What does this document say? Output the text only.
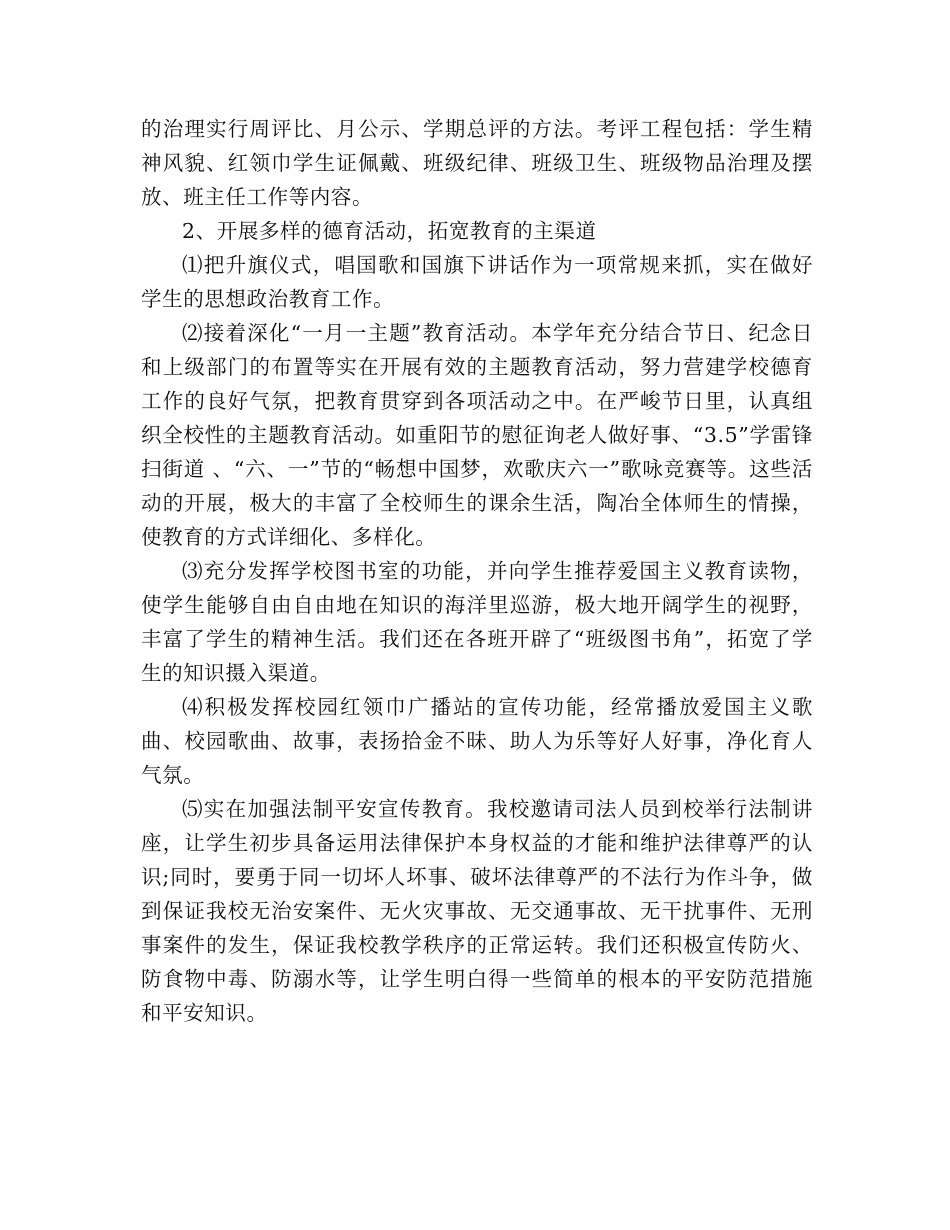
的治理实行周评比、月公示、学期总评的方法。考评工程包括：学生精神风貌、红领巾学生证佩戴、班级纪律、班级卫生、班级物品治理及摆放、班主任工作等内容。

2、开展多样的德育活动，拓宽教育的主渠道

⑴把升旗仪式，唱国歌和国旗下讲话作为一项常规来抓，实在做好学生的思想政治教育工作。

⑵接着深化“一月一主题”教育活动。本学年充分结合节日、纪念日和上级部门的布置等实在开展有效的主题教育活动，努力营建学校德育工作的良好气氛，把教育贯穿到各项活动之中。在严峻节日里，认真组织全校性的主题教育活动。如重阳节的慰征询老人做好事、“3.5”学雷锋扫街道 、“六、一”节的“畅想中国梦，欢歌庆六一”歌咏竞赛等。这些活动的开展，极大的丰富了全校师生的课余生活，陶冶全体师生的情操，使教育的方式详细化、多样化。

⑶充分发挥学校图书室的功能，并向学生推荐爱国主义教育读物，使学生能够自由自由地在知识的海洋里巡游，极大地开阔学生的视野，丰富了学生的精神生活。我们还在各班开辟了“班级图书角”，拓宽了学生的知识摄入渠道。

⑷积极发挥校园红领巾广播站的宣传功能，经常播放爱国主义歌曲、校园歌曲、故事，表扬拾金不昧、助人为乐等好人好事，净化育人气氛。

⑸实在加强法制平安宣传教育。我校邀请司法人员到校举行法制讲座，让学生初步具备运用法律保护本身权益的才能和维护法律尊严的认识;同时，要勇于同一切坏人坏事、破坏法律尊严的不法行为作斗争，做到保证我校无治安案件、无火灾事故、无交通事故、无干扰事件、无刑事案件的发生，保证我校教学秩序的正常运转。我们还积极宣传防火、防食物中毒、防溺水等，让学生明白得一些简单的根本的平安防范措施和平安知识。
